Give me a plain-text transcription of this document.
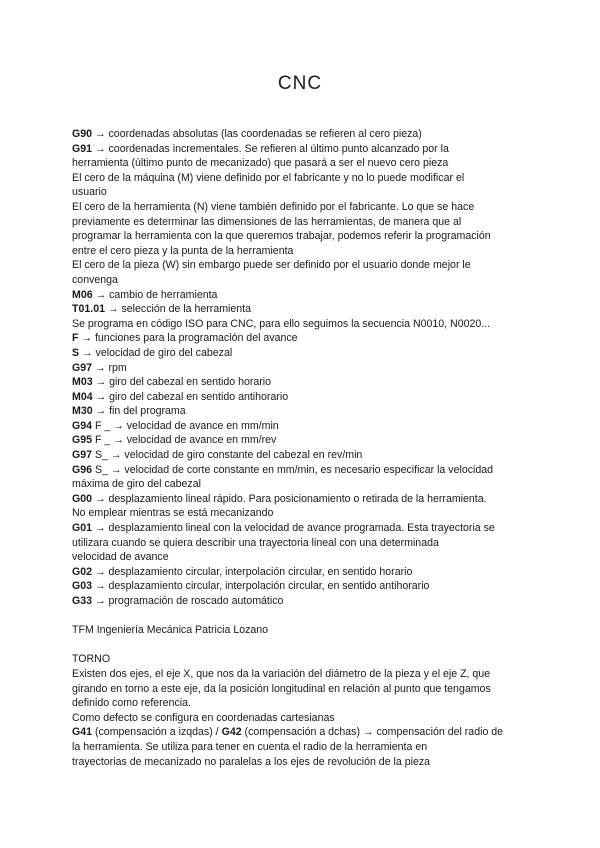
CNC
G90 → coordenadas absolutas (las coordenadas se refieren al cero pieza)
G91 → coordenadas incrementales. Se refieren al último punto alcanzado por la
herramienta (último punto de mecanizado) que pasará a ser el nuevo cero pieza
El cero de la máquina (M) viene definido por el fabricante y no lo puede modificar el
usuario
El cero de la herramienta (N) viene también definido por el fabricante. Lo que se hace
previamente es determinar las dimensiones de las herramientas, de manera que al
programar la herramienta con la que queremos trabajar, podemos referir la programación
entre el cero pieza y la punta de la herramienta
El cero de la pieza (W) sin embargo puede ser definido por el usuario donde mejor le
convenga
M06 → cambio de herramienta
T01.01 → selección de la herramienta
Se programa en código ISO para CNC, para ello seguimos la secuencia N0010, N0020...
F → funciones para la programación del avance
S → velocidad de giro del cabezal
G97 → rpm
M03 → giro del cabezal en sentido horario
M04 → giro del cabezal en sentido antihorario
M30 → fin del programa
G94 F _ → velocidad de avance en mm/min
G95 F _ → velocidad de avance en mm/rev
G97 S_ → velocidad de giro constante del cabezal en rev/min
G96 S_ → velocidad de corte constante en mm/min, es necesario especificar la velocidad
máxima de giro del cabezal
G00 → desplazamiento lineal rápido. Para posicionamiento o retirada de la herramienta.
No emplear mientras se está mecanizando
G01 → desplazamiento lineal con la velocidad de avance programada. Esta trayectoria se
utilizara cuando se quiera describir una trayectoria lineal con una determinada
velocidad de avance
G02 → desplazamiento circular, interpolación circular, en sentido horario
G03 → desplazamiento circular, interpolación circular, en sentido antihorario
G33 → programación de roscado automático
TFM Ingeniería Mecánica Patricia Lozano
TORNO
Existen dos ejes, el eje X, que nos da la variación del diámetro de la pieza y el eje Z, que
girando en torno a este eje, da la posición longitudinal en relación al punto que tengamos
definido como referencia.
Como defecto se configura en coordenadas cartesianas
G41 (compensación a izqdas) / G42 (compensación a dchas) → compensación del radio de
la herramienta. Se utiliza para tener en cuenta el radio de la herramienta en
trayectorias de mecanizado no paralelas a los ejes de revolución de la pieza
